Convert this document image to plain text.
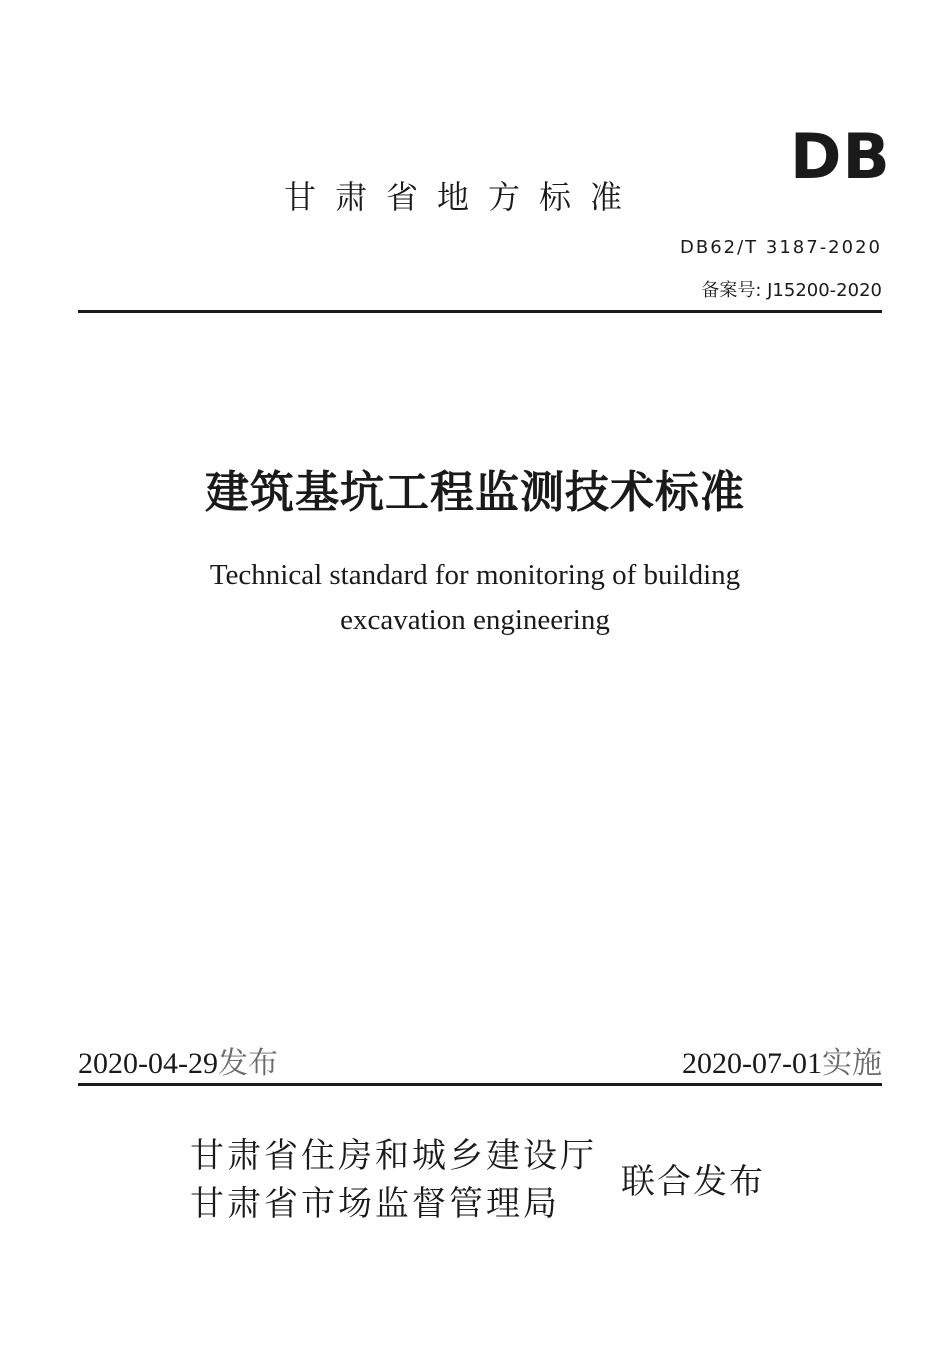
DB
甘肃省地方标准
DB62/T 3187-2020
备案号: J15200-2020
建筑基坑工程监测技术标准
Technical standard for monitoring of building
excavation engineering
2020-04-29发布	2020-07-01实施
甘肃省住房和城乡建设厅
甘肃省市场监督管理局
联合发布
